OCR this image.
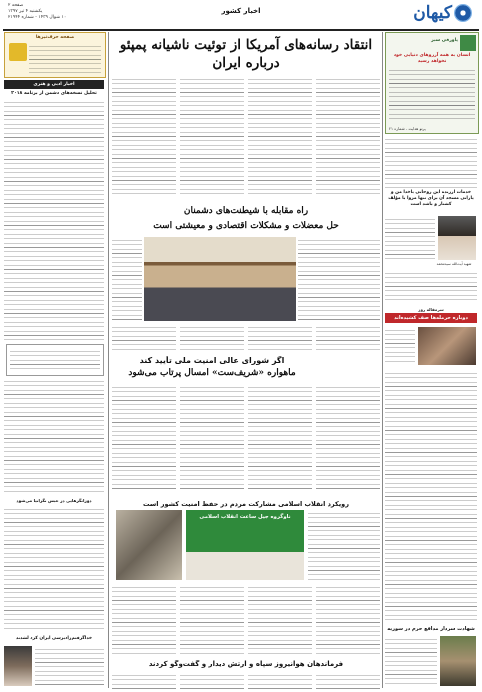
کیهان
اخبار کشور
صفحه ۲
یکشنبه ۴ تیر ۱۳۹۷
۱۰ شوال ۱۴۳۹ - شماره ۲۱۹۴۴
پاورقی سبز
انسان به همه آرزوهای دنیایی خود نخواهد رسید
پرتو هدایت - شماره ۲۱
خدمات ارزنده این روحانی باخدا من و یارانی مسجد آن برای تنها مروا با مؤلف کشتار و باشد است
شهید آیت‌الله سید‌محمد
سرمقاله روز
دوباره حرمله‌ها صف کشیده‌اند
شهادت سردار مدافع حرم در سوریه
انتقاد رسانه‌های آمریکا از توئیت ناشیانه پمپئو درباره ایران
راه مقابله با شیطنت‌های دشمنان
حل معضلات و مشکلات اقتصادی و معیشتی است
اگر شورای عالی امنیت ملی تأیید کند
ماهواره «شریف‌ست» امسال پرتاب می‌شود
رویکرد انقلاب اسلامی مشارکت مردم در حفظ امنیت کشور است
ناوگروه جیل ساعت انقلاب اسلامی
فرماندهان هوانیروز سپاه و ارتش دیدار و گفت‌وگو کردند
صفحه حرف‌تیرها
اخبار ادبی و هنری
تحلیل نسخه‌های دشمن از برنامه ۲۰۱۸
دورانگرهایی در حبس نگرانیا می‌شود
خداگرفتم‌زادبرسی ایران کرد لشدند
